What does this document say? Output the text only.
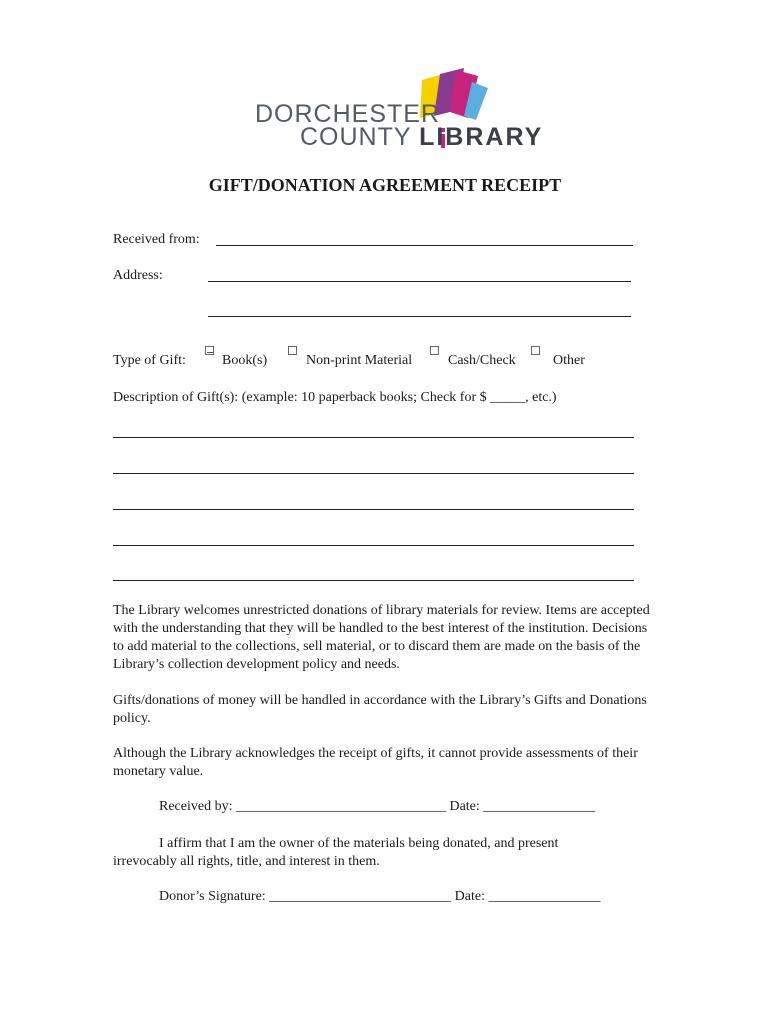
DORCHESTER
COUNTY LIBRARY
GIFT/DONATION AGREEMENT RECEIPT
Received from:
Address:
Type of Gift:	Book(s)	Non-print Material	Cash/Check	Other
Description of Gift(s): (example: 10 paperback books; Check for $ _____, etc.)
The Library welcomes unrestricted donations of library materials for review. Items are accepted with the understanding that they will be handled to the best interest of the institution. Decisions to add material to the collections, sell material, or to discard them are made on the basis of the Library’s collection development policy and needs.
Gifts/donations of money will be handled in accordance with the Library’s Gifts and Donations policy.
Although the Library acknowledges the receipt of gifts, it cannot provide assessments of their monetary value.
Received by: ______________________________ Date: ________________
I affirm that I am the owner of the materials being donated, and present
irrevocably all rights, title, and interest in them.
Donor’s Signature: __________________________ Date: ________________
